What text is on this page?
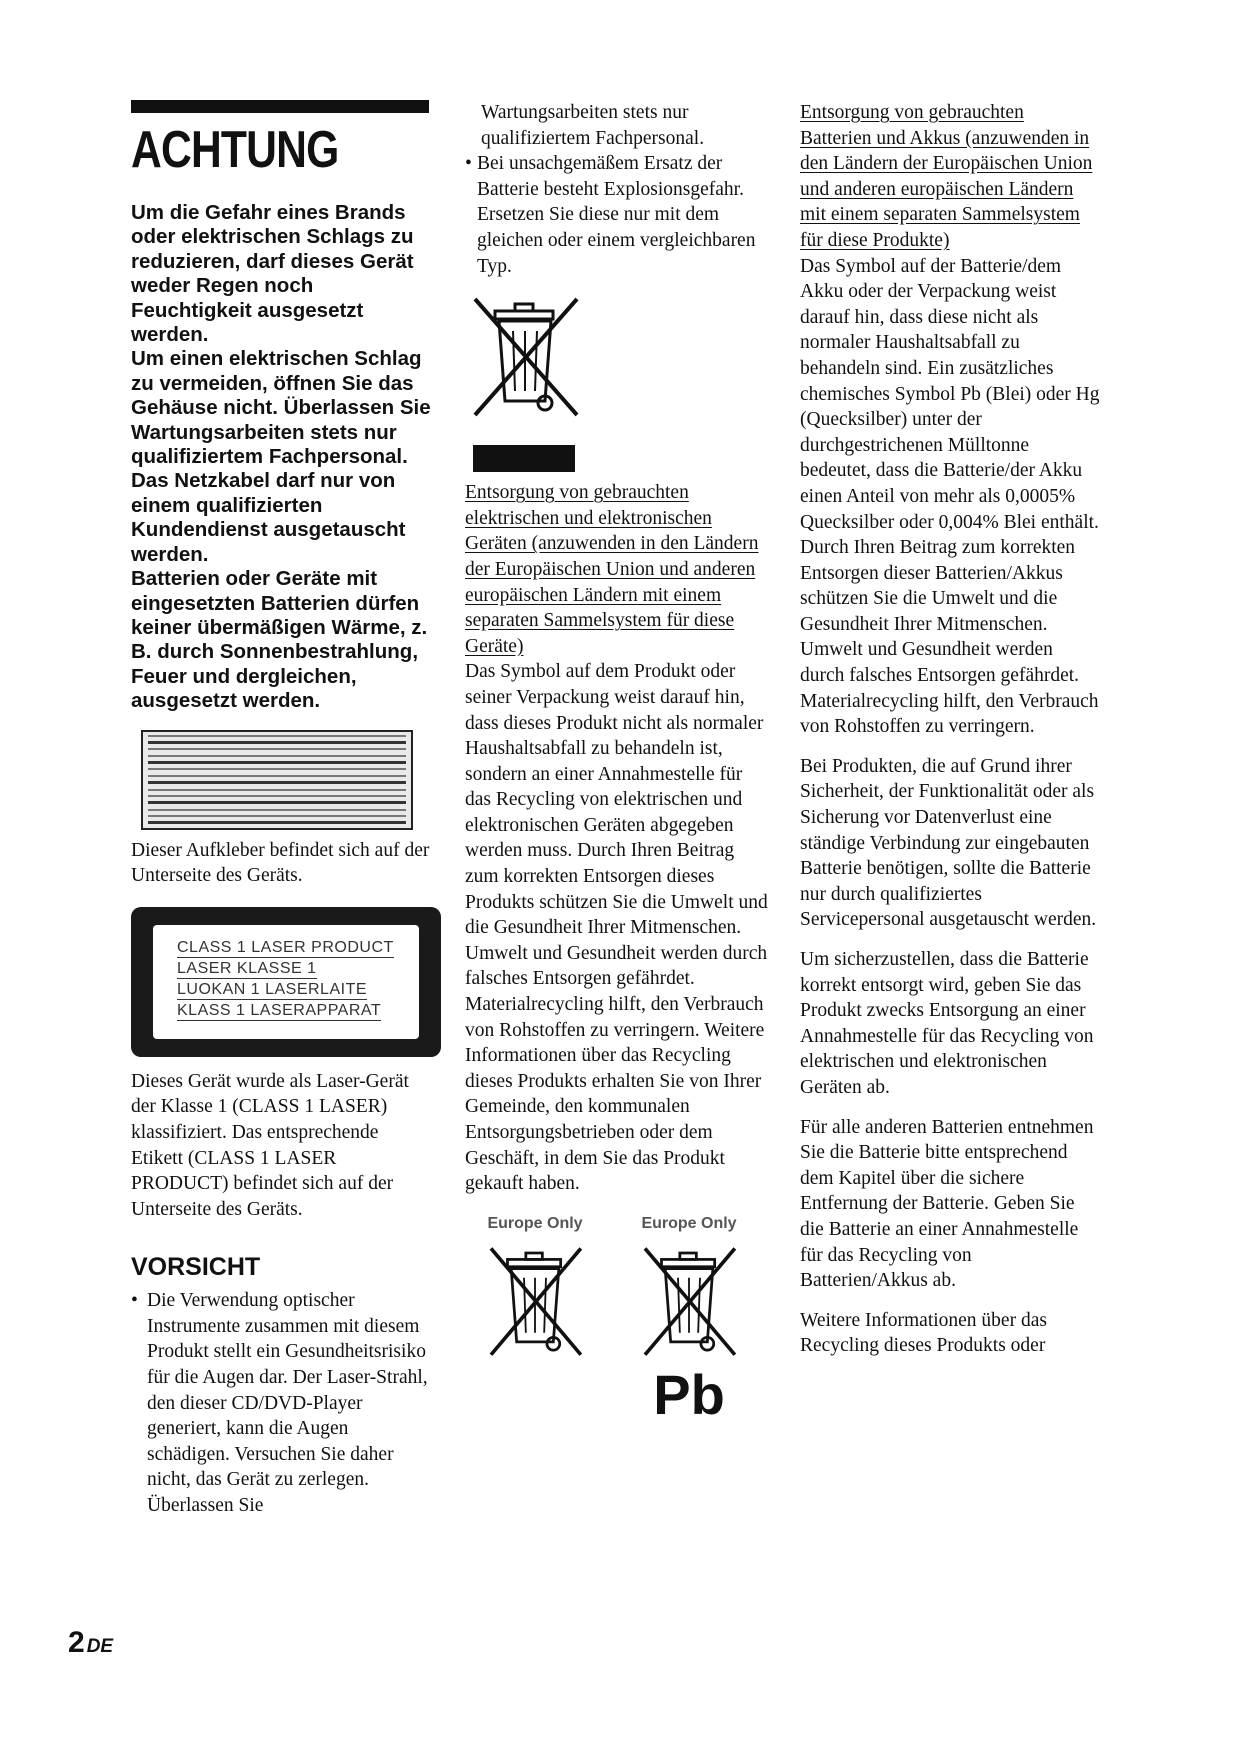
ACHTUNG

Um die Gefahr eines Brands oder elektrischen Schlags zu reduzieren, darf dieses Gerät weder Regen noch Feuchtigkeit ausgesetzt werden.

Um einen elektrischen Schlag zu vermeiden, öffnen Sie das Gehäuse nicht. Überlassen Sie Wartungsarbeiten stets nur qualifiziertem Fachpersonal.

Das Netzkabel darf nur von einem qualifizierten Kundendienst ausgetauscht werden.

Batterien oder Geräte mit eingesetzten Batterien dürfen keiner übermäßigen Wärme, z. B. durch Sonnenbestrahlung, Feuer und dergleichen, ausgesetzt werden.

Dieser Aufkleber befindet sich auf der Unterseite des Geräts.

CLASS 1 LASER PRODUCT
LASER KLASSE 1
LUOKAN 1 LASERLAITE
KLASS 1 LASERAPPARAT

Dieses Gerät wurde als Laser-Gerät der Klasse 1 (CLASS 1 LASER) klassifiziert. Das entsprechende Etikett (CLASS 1 LASER PRODUCT) befindet sich auf der Unterseite des Geräts.

VORSICHT
• Die Verwendung optischer Instrumente zusammen mit diesem Produkt stellt ein Gesundheitsrisiko für die Augen dar. Der Laser-Strahl, den dieser CD/DVD-Player generiert, kann die Augen schädigen. Versuchen Sie daher nicht, das Gerät zu zerlegen.

Überlassen Sie

Wartungsarbeiten stets nur qualifiziertem Fachpersonal.

• Bei unsachgemäßem Ersatz der Batterie besteht Explosionsgefahr. Ersetzen Sie diese nur mit dem gleichen oder einem vergleichbaren Typ.

Entsorgung von gebrauchten elektrischen und elektronischen Geräten (anzuwenden in den Ländern der Europäischen Union und anderen europäischen Ländern mit einem separaten Sammelsystem für diese Geräte)

Das Symbol auf dem Produkt oder seiner Verpackung weist darauf hin, dass dieses Produkt nicht als normaler Haushaltsabfall zu behandeln ist, sondern an einer Annahmestelle für das Recycling von elektrischen und elektronischen Geräten abgegeben werden muss. Durch Ihren Beitrag zum korrekten Entsorgen dieses Produkts schützen Sie die Umwelt und die Gesundheit Ihrer Mitmenschen. Umwelt und Gesundheit werden durch falsches Entsorgen gefährdet. Materialrecycling hilft, den Verbrauch von Rohstoffen zu verringern. Weitere Informationen über das Recycling dieses Produkts erhalten Sie von Ihrer Gemeinde, den kommunalen Entsorgungsbetrieben oder dem Geschäft, in dem Sie das Produkt gekauft haben.

Europe Only	Europe Only
Pb

Entsorgung von gebrauchten Batterien und Akkus (anzuwenden in den Ländern der Europäischen Union und anderen europäischen Ländern mit einem separaten Sammelsystem für diese Produkte)

Das Symbol auf der Batterie/dem Akku oder der Verpackung weist darauf hin, dass diese nicht als normaler Haushaltsabfall zu behandeln sind. Ein zusätzliches chemisches Symbol Pb (Blei) oder Hg (Quecksilber) unter der durchgestrichenen Mülltonne bedeutet, dass die Batterie/der Akku einen Anteil von mehr als 0,0005% Quecksilber oder 0,004% Blei enthält. Durch Ihren Beitrag zum korrekten Entsorgen dieser Batterien/Akkus schützen Sie die Umwelt und die Gesundheit Ihrer Mitmenschen. Umwelt und Gesundheit werden durch falsches Entsorgen gefährdet. Materialrecycling hilft, den Verbrauch von Rohstoffen zu verringern.

Bei Produkten, die auf Grund ihrer Sicherheit, der Funktionalität oder als Sicherung vor Datenverlust eine ständige Verbindung zur eingebauten Batterie benötigen, sollte die Batterie nur durch qualifiziertes Servicepersonal ausgetauscht werden.

Um sicherzustellen, dass die Batterie korrekt entsorgt wird, geben Sie das Produkt zwecks Entsorgung an einer Annahmestelle für das Recycling von elektrischen und elektronischen Geräten ab.

Für alle anderen Batterien entnehmen Sie die Batterie bitte entsprechend dem Kapitel über die sichere Entfernung der Batterie. Geben Sie die Batterie an einer Annahmestelle für das Recycling von Batterien/Akkus ab.

Weitere Informationen über das Recycling dieses Produkts oder

2 DE
